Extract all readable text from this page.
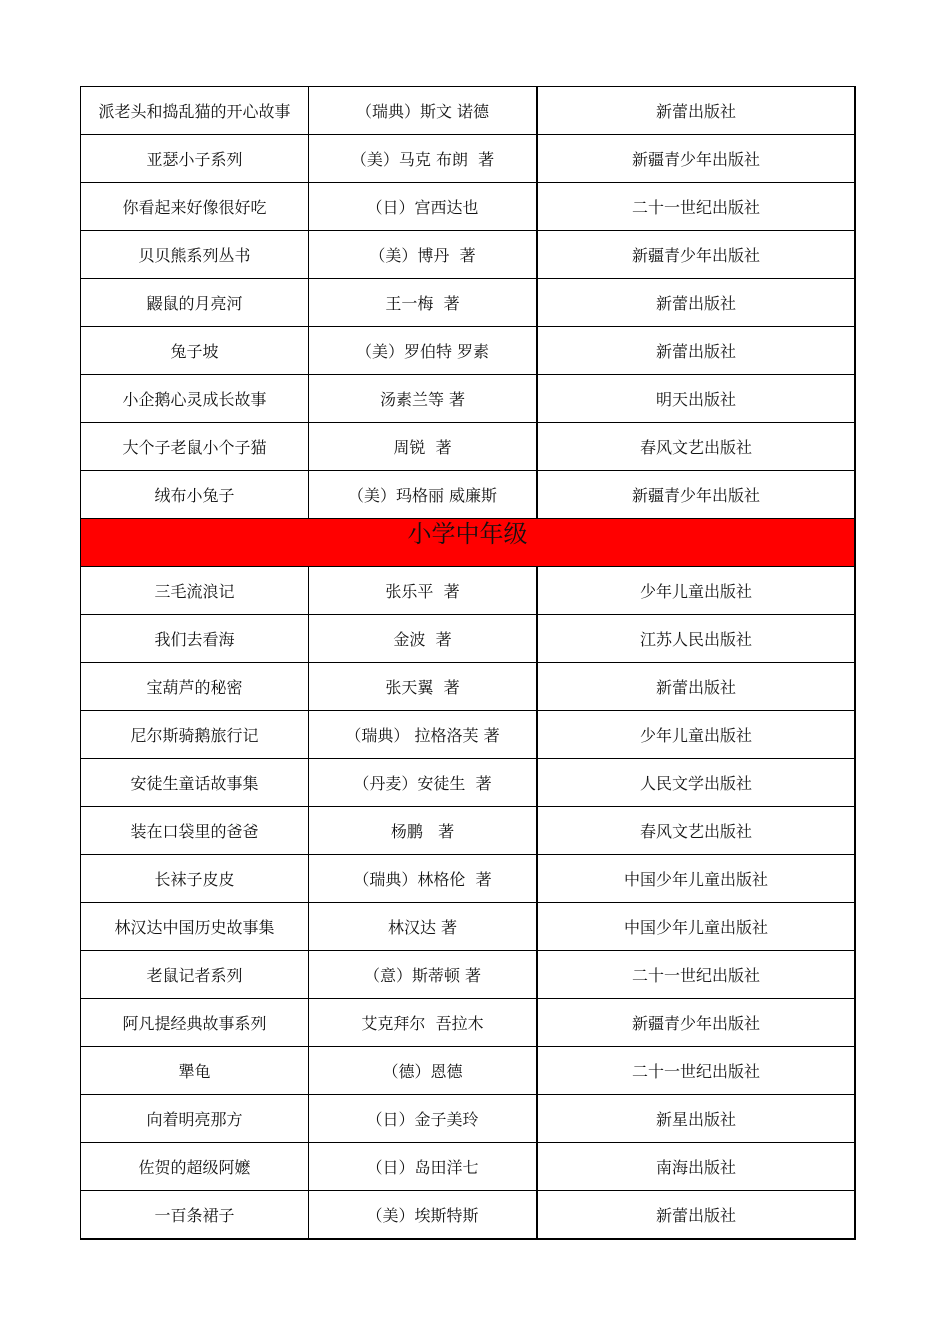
派老头和捣乱猫的开心故事	（瑞典）斯文 诺德	新蕾出版社
亚瑟小子系列	（美）马克 布朗  著	新疆青少年出版社
你看起来好像很好吃	（日）宫西达也	二十一世纪出版社
贝贝熊系列丛书	（美）博丹  著	新疆青少年出版社
鼹鼠的月亮河	王一梅  著	新蕾出版社
兔子坡	（美）罗伯特 罗素	新蕾出版社
小企鹅心灵成长故事	汤素兰等 著	明天出版社
大个子老鼠小个子猫	周锐  著	春风文艺出版社
绒布小兔子	（美）玛格丽 威廉斯	新疆青少年出版社
小学中年级		
三毛流浪记	张乐平  著	少年儿童出版社
我们去看海	金波  著	江苏人民出版社
宝葫芦的秘密	张天翼  著	新蕾出版社
尼尔斯骑鹅旅行记	（瑞典） 拉格洛芙 著	少年儿童出版社
安徒生童话故事集	（丹麦）安徒生  著	人民文学出版社
装在口袋里的爸爸	杨鹏   著	春风文艺出版社
长袜子皮皮	（瑞典）林格伦  著	中国少年儿童出版社
林汉达中国历史故事集	林汉达 著	中国少年儿童出版社
老鼠记者系列	（意）斯蒂顿 著	二十一世纪出版社
阿凡提经典故事系列	艾克拜尔  吾拉木	新疆青少年出版社
犟龟	（德）恩德	二十一世纪出版社
向着明亮那方	（日）金子美玲	新星出版社
佐贺的超级阿嬷	（日）岛田洋七	南海出版社
一百条裙子	（美）埃斯特斯	新蕾出版社
